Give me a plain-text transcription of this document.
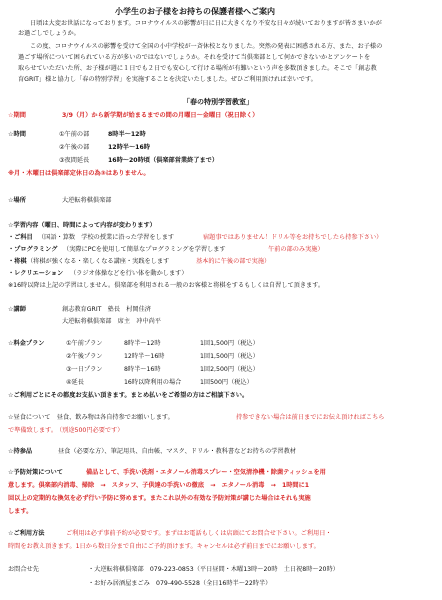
小学生のお子様をお持ちの保護者様へご案内
日頃は大変お世話になっております。コロナウイルスの影響が日に日に大きくなり不安な日々が続いておりますが皆さまいかが
お過ごしでしょうか。
この度、コロナウイルスの影響を受けて全国の小中学校が一斉休校となりました。突然の発表に困惑される方、また、お子様の
過ごす場所について困られている方が多いのではないでしょうか。それを受けて当倶楽部として何かできないかとアンケートを
取らせていただいた所、お子様が週に１日でも２日でも安心して行ける場所が有難いという声を多数頂きました。そこで「創志教
育GRIT」様と協力し「春の特別学習」を実施することを決定いたしました。ぜひご利用頂ければ幸いです。
「春の特別学習教室」
☆期間	3/9（月）から新学期が始まるまでの間の月曜日～金曜日（祝日除く）
☆時間	①午前の部	8時半～12時
②午後の部	12時半～16時
③夜間延長	16時～20時頃（倶楽部営業終了まで）
※月・木曜日は倶楽部定休日の為③はありません。
☆場所	大逆転将棋倶楽部
☆学習内容（曜日、時間によって内容が変わります）
・ご科目 （国語・算数　学校の授業に沿った学習をします	宿題事ではありません！ドリル等をお持ちでしたら持参下さい）
・プログラミング （実際にPCを使用して簡単なプログラミングを学習します	午前の部のみ実施）
・将棋 （将棋が強くなる・楽しくなる講座・実践をします	基本的に午後の部で実施）
・レクリエーション （ラジオ体操などを行い体を動かします）
※16時以降は上記の学習はしません。倶楽部を利用される一般のお客様と将棋をするもしくは自習して頂きます。
☆講師	創志教育GRIT　塾長　村岡佳済
大逆転将棋倶楽部　席主　冲中尚平
☆料金プラン	①午前プラン	8時半～12時	1回1,500円（税込）
②午後プラン	12時半～16時	1回1,500円（税込）
③一日プラン	8時半～16時	1回2,500円（税込）
④延長	16時以降利用の場合	1回500円（税込）
☆ご利用ごとにその都度お支払い頂きます。まとめ払いをご希望の方はご相談下さい。
☆昼食について　昼食、飲み物は各自持参でお願いします。	持参できない場合は前日までにお伝え頂ければこちら
で準備致します。
（別途500円必要です）
☆持参品	昼食（必要な方）、筆記用具、自由帳、マスク、ドリル・教科書などお持ちの学習教材
☆予防対策について	備品として、手洗い洗剤・エタノール消毒スプレー・空気清浄機・除菌ティッシュを用
意します。倶楽部内消毒、掃除　→　スタッフ、子供達の手洗いの徹底　→　エタノール消毒　→　1時間に1
回以上の定期的な換気を必ず行い予防に努めます。またこれ以外の有効な予防対策が講じた場合はそれも実施
します。
☆ご利用方法	ご利用は必ず事前予約が必要です。まずはお電話もしくは店頭にてお問合せ下さい。ご利用日・
時間をお教え頂きます。1日から数日分まで自由にご予約頂けます。キャンセルは必ず前日までにお願いします。
お問合せ先	・大逆転将棋倶楽部　079-223-0853（平日昼間・木曜13時～20時　土日祝8時～20時）
・お好み居酒屋まごみ　079-490-5528（全日16時半～22時半）
